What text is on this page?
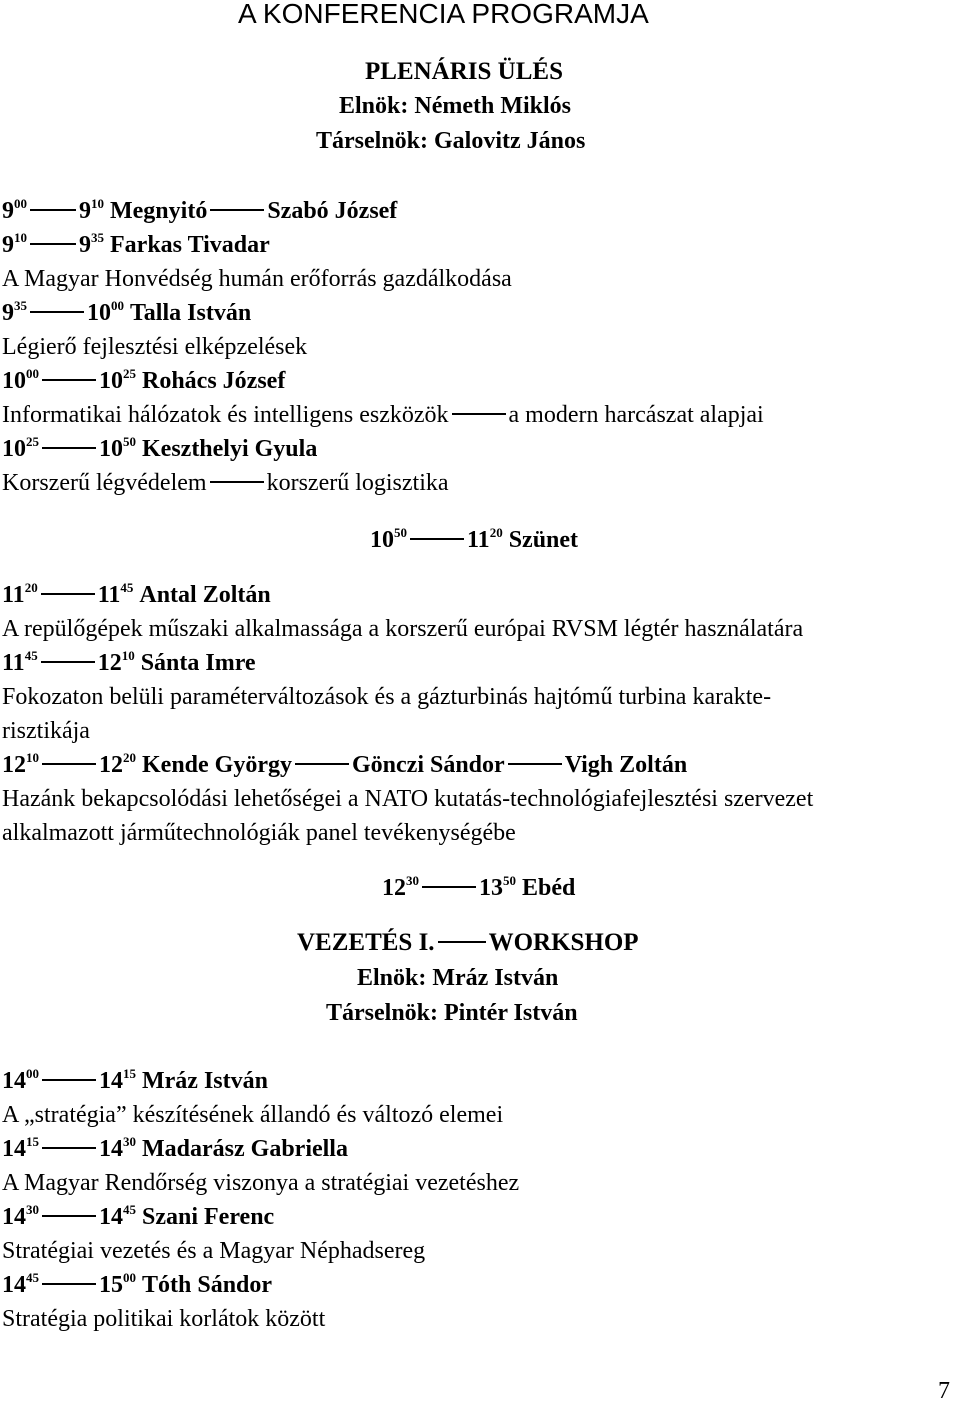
A KONFERENCIA PROGRAMJA
PLENÁRIS ÜLÉS
Elnök: Németh Miklós
Társelnök: Galovitz János
$9^{00}$ $9^{10}$ Megnyitó	Szabó József
$9^{10}$ $9^{35}$ Farkas Tivadar
A Magyar Honvédség humán erőforrás gazdálkodása
$9^{35}$	$10^{00}$ Talla István
Légierő fejlesztési elképzelések
$10^{00}$	$10^{25}$ Rohács József
Informatikai hálózatok és intelligens eszközök	a modern harcászat alapjai
$10^{25}$	$10^{50}$ Keszthelyi Gyula
Korszerű légvédelem	korszerű logisztika
$10^{50}$	$11^{20}$ Szünet
$11^{20}$	$11^{45}$ Antal Zoltán
A repülőgépek műszaki alkalmassága a korszerű európai RVSM légtér használatára
$11^{45}$	$12^{10}$ Sánta Imre
Fokozaton belüli paraméterváltozások és a gázturbinás hajtómű turbina karakte-
risztikája
$12^{10}$	$12^{20}$ Kende György	Gönczi Sándor	Vigh Zoltán
Hazánk bekapcsolódási lehetőségei a NATO kutatás-technológiafejlesztési szervezet
alkalmazott járműtechnológiák panel tevékenységébe
$12^{30}$	$13^{50}$ Ebéd
VEZETÉS I. WORKSHOP
Elnök: Mráz István
Társelnök: Pintér István
$14^{00}$	$14^{15}$ Mráz István
A „stratégia” készítésének állandó és változó elemei
$14^{15}$	$14^{30}$ Madarász Gabriella
A Magyar Rendőrség viszonya a stratégiai vezetéshez
$14^{30}$	$14^{45}$ Szani Ferenc
Stratégiai vezetés és a Magyar Néphadsereg
$14^{45}$	$15^{00}$ Tóth Sándor
Stratégia politikai korlátok között
7
